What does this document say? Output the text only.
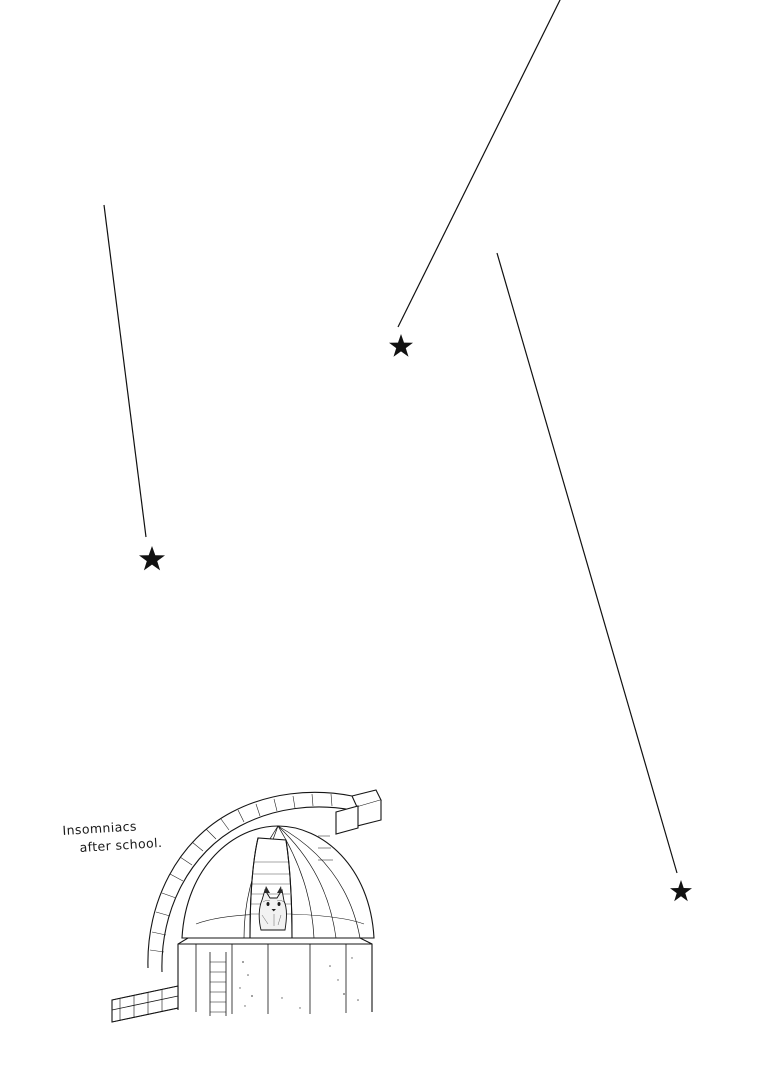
Insomniacs
after school.
